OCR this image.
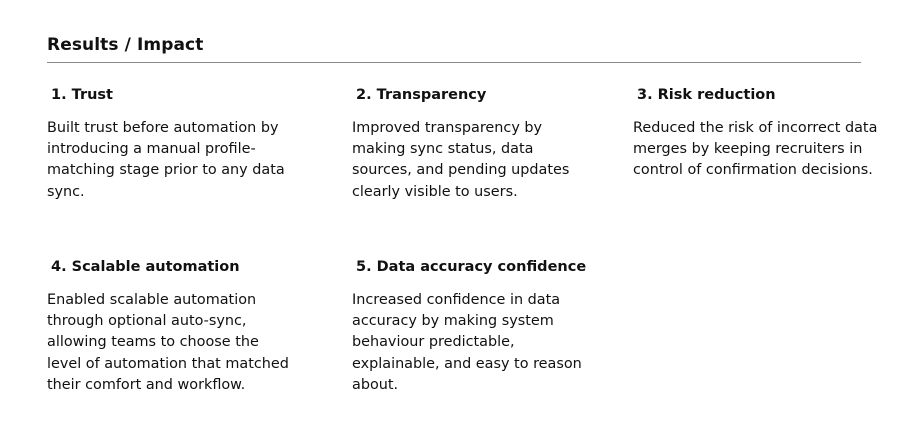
Results / Impact
1. Trust
Built trust before automation by introducing a manual profile-matching stage prior to any data sync.
2. Transparency
Improved transparency by making sync status, data sources, and pending updates clearly visible to users.
3. Risk reduction
Reduced the risk of incorrect data merges by keeping recruiters in control of confirmation decisions.
4. Scalable automation
Enabled scalable automation through optional auto-sync, allowing teams to choose the level of automation that matched their comfort and workflow.
5. Data accuracy confidence
Increased confidence in data accuracy by making system behaviour predictable, explainable, and easy to reason about.
